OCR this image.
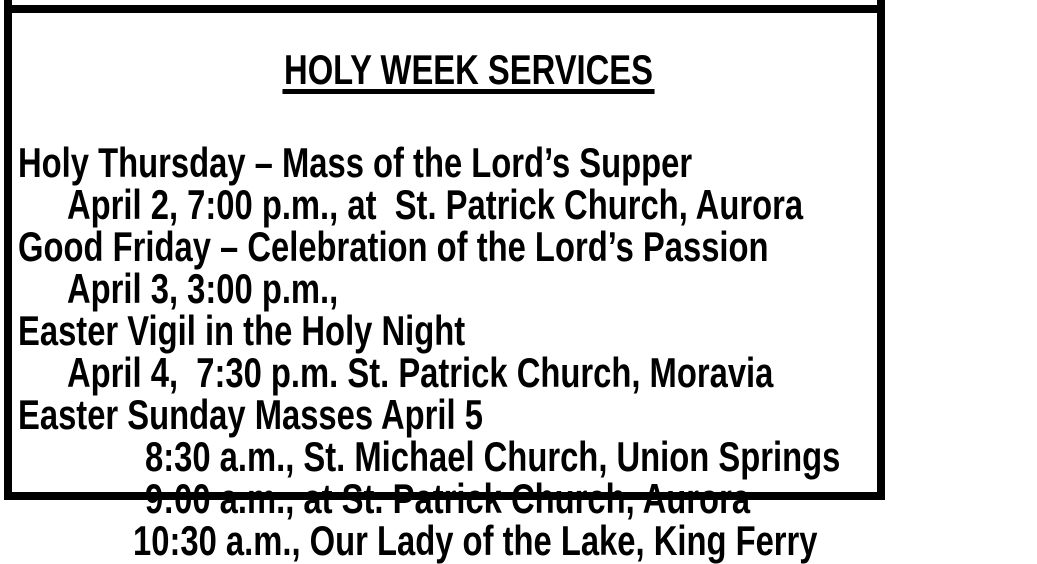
HOLY WEEK SERVICES

Holy Thursday – Mass of the Lord’s Supper
April 2, 7:00 p.m., at  St. Patrick Church, Aurora
Good Friday – Celebration of the Lord’s Passion
April 3, 3:00 p.m.,
Easter Vigil in the Holy Night
April 4,  7:30 p.m. St. Patrick Church, Moravia
Easter Sunday Masses April 5
8:30 a.m., St. Michael Church, Union Springs
9:00 a.m., at St. Patrick Church, Aurora
10:30 a.m., Our Lady of the Lake, King Ferry
